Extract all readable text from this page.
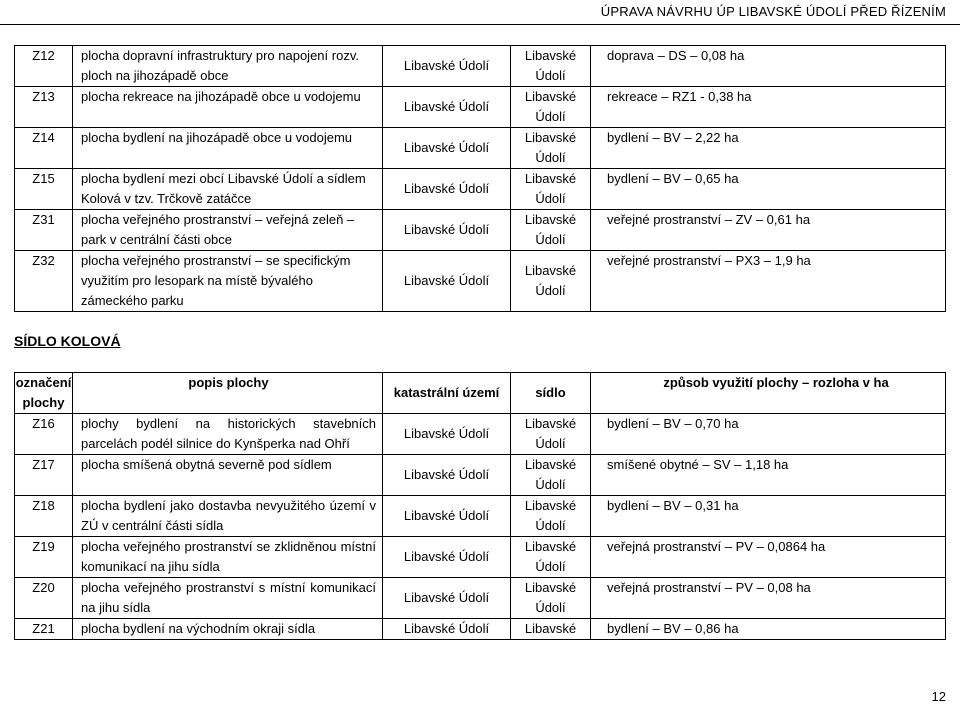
ÚPRAVA NÁVRHU ÚP LIBAVSKÉ ÚDOLÍ PŘED ŘÍZENÍM
Z12	plocha dopravní infrastruktury pro napojení rozv. ploch na jihozápadě obce	Libavské Údolí	Libavské Údolí	doprava – DS – 0,08 ha
Z13	plocha rekreace na jihozápadě obce u vodojemu	Libavské Údolí	Libavské Údolí	rekreace – RZ1 - 0,38 ha
Z14	plocha bydlení na jihozápadě obce u vodojemu	Libavské Údolí	Libavské Údolí	bydlení – BV – 2,22 ha
Z15	plocha bydlení mezi obcí Libavské Údolí a sídlem Kolová v tzv. Trčkově zatáčce	Libavské Údolí	Libavské Údolí	bydlení – BV – 0,65 ha
Z31	plocha veřejného prostranství – veřejná zeleň – park v centrální části obce	Libavské Údolí	Libavské Údolí	veřejné prostranství – ZV – 0,61 ha
Z32	plocha veřejného prostranství – se specifickým využitím pro lesopark na místě bývalého zámeckého parku	Libavské Údolí	Libavské Údolí	veřejné prostranství – PX3 – 1,9 ha
SÍDLO KOLOVÁ
označení plochy	popis plochy	katastrální území	sídlo	způsob využití plochy – rozloha v ha
Z16	plochy bydlení na historických stavebních parcelách podél silnice do Kynšperka nad Ohří	Libavské Údolí	Libavské Údolí	bydlení – BV – 0,70 ha
Z17	plocha smíšená obytná severně pod sídlem	Libavské Údolí	Libavské Údolí	smíšené obytné – SV – 1,18 ha
Z18	plocha bydlení jako dostavba nevyužitého území v ZÚ v centrální části sídla	Libavské Údolí	Libavské Údolí	bydlení – BV – 0,31 ha
Z19	plocha veřejného prostranství se zklidněnou místní komunikací na jihu sídla	Libavské Údolí	Libavské Údolí	veřejná prostranství – PV – 0,0864 ha
Z20	plocha veřejného prostranství s místní komunikací na jihu sídla	Libavské Údolí	Libavské Údolí	veřejná prostranství – PV – 0,08 ha
Z21	plocha bydlení na východním okraji sídla	Libavské Údolí	Libavské	bydlení – BV – 0,86 ha
12
